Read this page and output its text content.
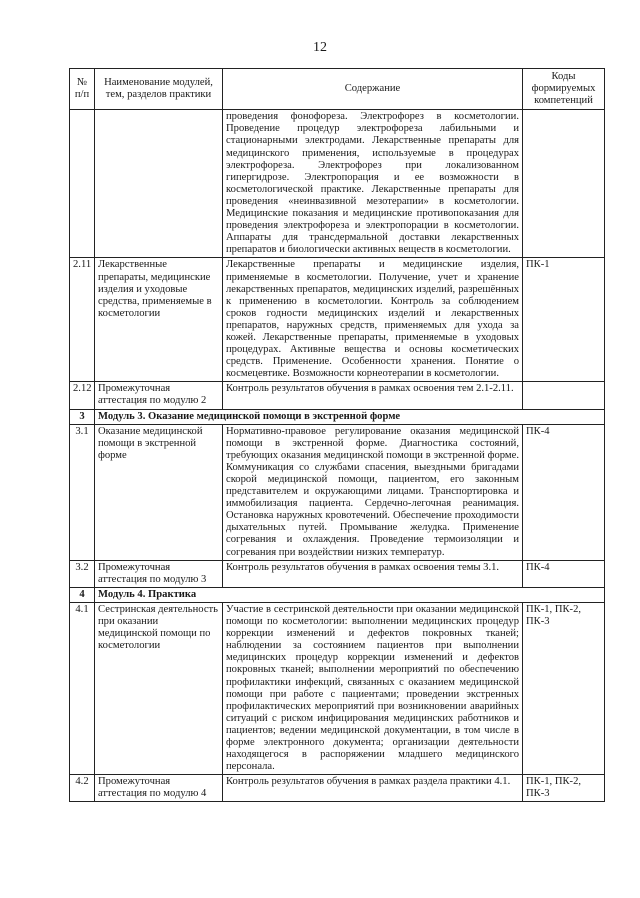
12
№ п/п	Наименование модулей, тем, разделов практики	Содержание	Коды формируемых компетенций
		проведения фонофореза. Электрофорез в косметологии. Проведение процедур электрофореза лабильными и стационарными электродами. Лекарственные препараты для медицинского применения, используемые в процедурах электрофореза. Электрофорез при локализованном гипергидрозе. Электропорация и ее возможности в косметологической практике. Лекарственные препараты для проведения «неинвазивной мезотерапии» в косметологии. Медицинские показания и медицинские противопоказания для проведения электрофореза и электропорации в косметологии. Аппараты для трансдермальной доставки лекарственных препаратов и биологически активных веществ в косметологии.	
2.11	Лекарственные препараты, медицинские изделия и уходовые средства, применяемые в косметологии	Лекарственные препараты и медицинские изделия, применяемые в косметологии. Получение, учет и хранение лекарственных препаратов, медицинских изделий, разрешённых к применению в косметологии. Контроль за соблюдением сроков годности медицинских изделий и лекарственных препаратов, наружных средств, применяемых для ухода за кожей. Лекарственные препараты, применяемые в уходовых процедурах. Активные вещества и основы косметических средств. Применение. Особенности хранения. Понятие о космецевтике. Возможности корнеотерапии в косметологии.	ПК-1
2.12	Промежуточная аттестация по модулю 2	Контроль результатов обучения в рамках освоения тем 2.1-2.11.	
3	Модуль 3. Оказание медицинской помощи в экстренной форме		
3.1	Оказание медицинской помощи в экстренной форме	Нормативно-правовое регулирование оказания медицинской помощи в экстренной форме. Диагностика состояний, требующих оказания медицинской помощи в экстренной форме. Коммуникация со службами спасения, выездными бригадами скорой медицинской помощи, пациентом, его законным представителем и окружающими лицами. Транспортировка и иммобилизация пациента. Сердечно-легочная реанимация. Остановка наружных кровотечений. Обеспечение проходимости дыхательных путей. Промывание желудка. Применение согревания и охлаждения. Проведение термоизоляции и согревания при воздействии низких температур.	ПК-4
3.2	Промежуточная аттестация по модулю 3	Контроль результатов обучения в рамках освоения темы 3.1.	ПК-4
4	Модуль 4. Практика		
4.1	Сестринская деятельность при оказании медицинской помощи по косметологии	Участие в сестринской деятельности при оказании медицинской помощи по косметологии: выполнении медицинских процедур коррекции изменений и дефектов покровных тканей; наблюдении за состоянием пациентов при выполнении медицинских процедур коррекции изменений и дефектов покровных тканей; выполнении мероприятий по обеспечению профилактики инфекций, связанных с оказанием медицинской помощи при работе с пациентами; проведении экстренных профилактических мероприятий при возникновении аварийных ситуаций с риском инфицирования медицинских работников и пациентов; ведении медицинской документации, в том числе в форме электронного документа; организации деятельности находящегося в распоряжении младшего медицинского персонала.	ПК-1, ПК-2, ПК-3
4.2	Промежуточная аттестация по модулю 4	Контроль результатов обучения в рамках раздела практики 4.1.	ПК-1, ПК-2, ПК-3
